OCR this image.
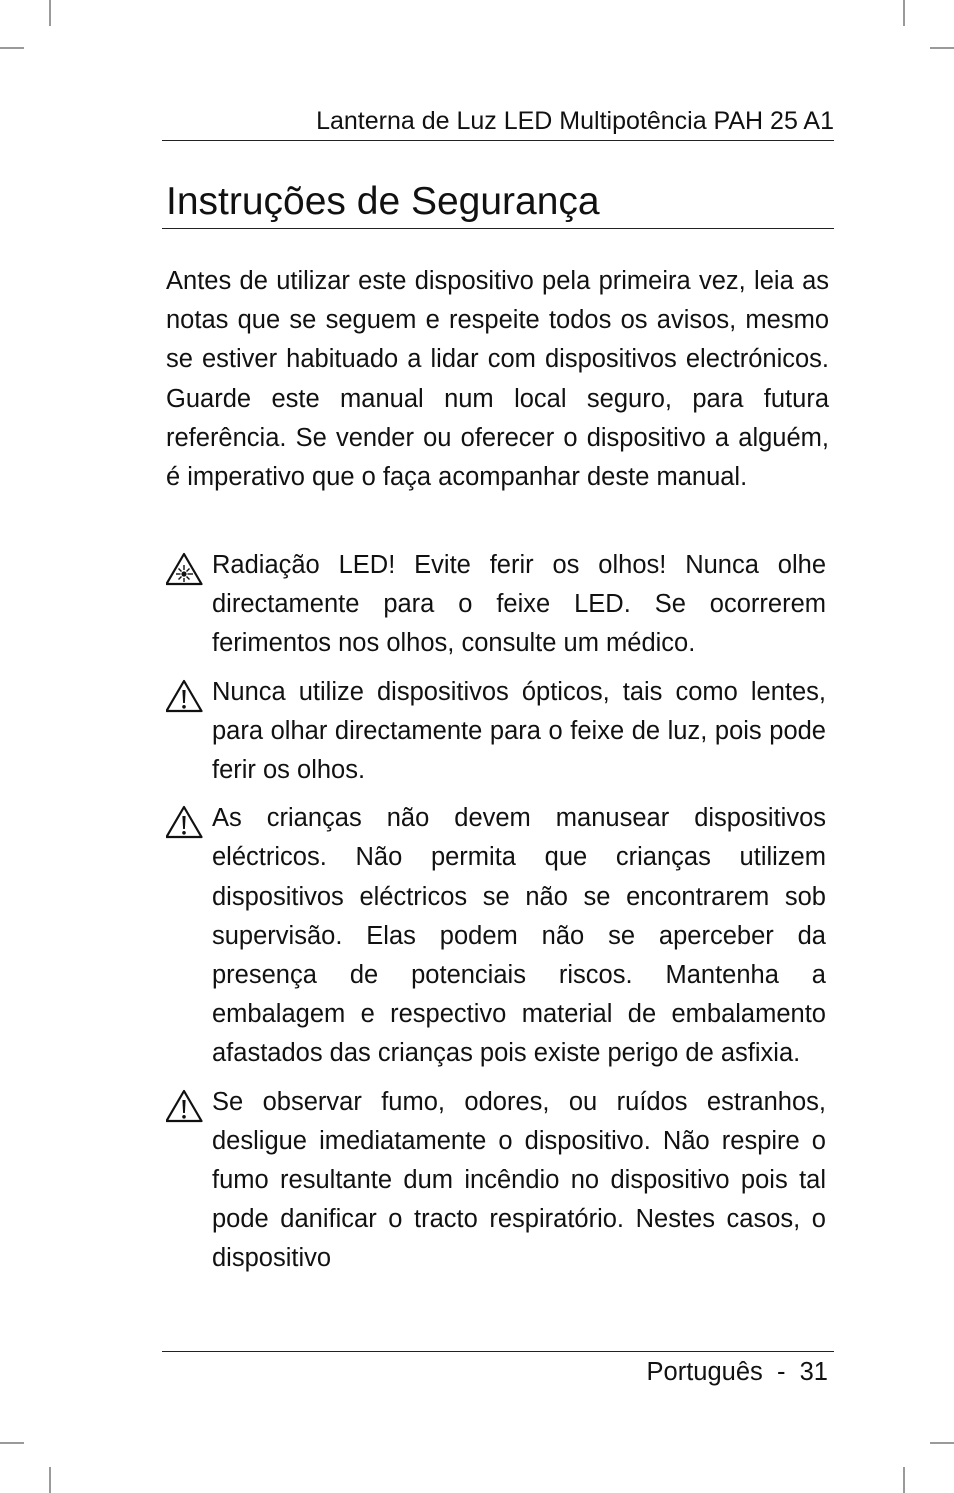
Lanterna de Luz LED Multipotência PAH 25 A1
Instruções de Segurança

Antes de utilizar este dispositivo pela primeira vez, leia as notas que se seguem e respeite todos os avisos, mesmo se estiver habituado a lidar com dispositivos electrónicos. Guarde este manual num local seguro, para futura referência. Se vender ou oferecer o dispositivo a alguém, é imperativo que o faça acompanhar deste manual.

Radiação LED! Evite ferir os olhos! Nunca olhe directamente para o feixe LED. Se ocorrerem ferimentos nos olhos, consulte um médico.

Nunca utilize dispositivos ópticos, tais como lentes, para olhar directamente para o feixe de luz, pois pode ferir os olhos.

As crianças não devem manusear dispositivos eléctricos. Não permita que crianças utilizem dispositivos eléctricos se não se encontrarem sob supervisão. Elas podem não se aperceber da presença de potenciais riscos. Mantenha a embalagem e respectivo material de embalamento afastados das crianças pois existe perigo de asfixia.

Se observar fumo, odores, ou ruídos estranhos, desligue imediatamente o dispositivo. Não respire o fumo resultante dum incêndio no dispositivo pois tal pode danificar o tracto respiratório. Nestes casos, o dispositivo

Português - 31
